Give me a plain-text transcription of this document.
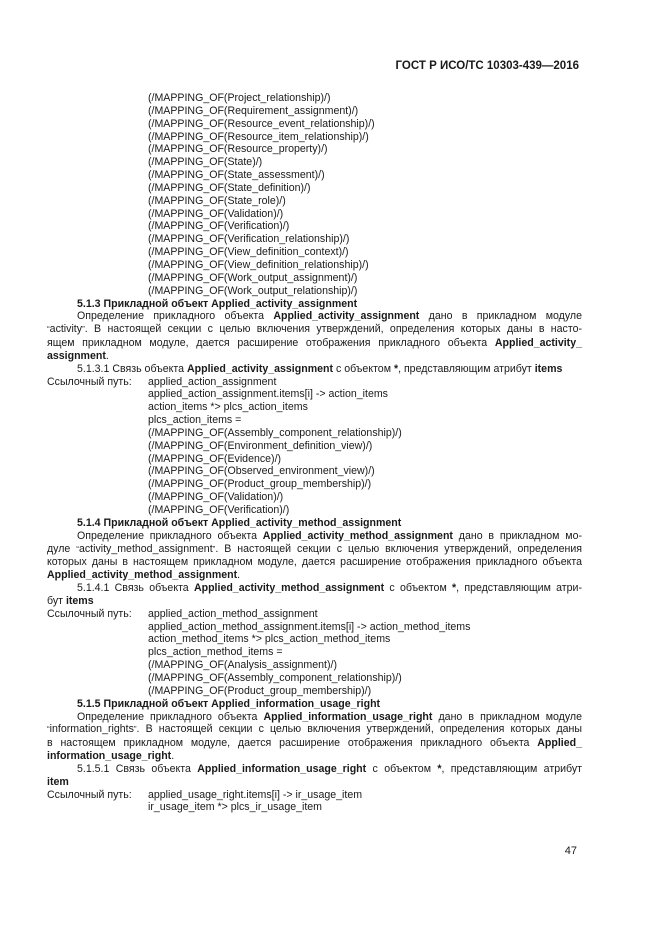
ГОСТ Р ИСО/ТС 10303-439—2016
(/MAPPING_OF(Project_relationship)/)
(/MAPPING_OF(Requirement_assignment)/)
(/MAPPING_OF(Resource_event_relationship)/)
(/MAPPING_OF(Resource_item_relationship)/)
(/MAPPING_OF(Resource_property)/)
(/MAPPING_OF(State)/)
(/MAPPING_OF(State_assessment)/)
(/MAPPING_OF(State_definition)/)
(/MAPPING_OF(State_role)/)
(/MAPPING_OF(Validation)/)
(/MAPPING_OF(Verification)/)
(/MAPPING_OF(Verification_relationship)/)
(/MAPPING_OF(View_definition_context)/)
(/MAPPING_OF(View_definition_relationship)/)
(/MAPPING_OF(Work_output_assignment)/)
(/MAPPING_OF(Work_output_relationship)/)
5.1.3 Прикладной объект Applied_activity_assignment
Определение прикладного объекта Applied_activity_assignment дано в прикладном модуле
“activity”. В настоящей секции с целью включения утверждений, определения которых даны в насто-
ящем прикладном модуле, дается расширение отображения прикладного объекта Applied_activity_
assignment.
5.1.3.1 Связь объекта Applied_activity_assignment с объектом *, представляющим атрибут items
Ссылочный путь:	applied_action_assignment
applied_action_assignment.items[i] -> action_items
action_items *> plcs_action_items
plcs_action_items =
(/MAPPING_OF(Assembly_component_relationship)/)
(/MAPPING_OF(Environment_definition_view)/)
(/MAPPING_OF(Evidence)/)
(/MAPPING_OF(Observed_environment_view)/)
(/MAPPING_OF(Product_group_membership)/)
(/MAPPING_OF(Validation)/)
(/MAPPING_OF(Verification)/)
5.1.4 Прикладной объект Applied_activity_method_assignment
Определение прикладного объекта Applied_activity_method_assignment дано в прикладном мо-
дуле “activity_method_assignment”. В настоящей секции с целью включения утверждений, определения
которых даны в настоящем прикладном модуле, дается расширение отображения прикладного объекта
Applied_activity_method_assignment.
5.1.4.1 Связь объекта Applied_activity_method_assignment с объектом *, представляющим атри-
бут items
Ссылочный путь:	applied_action_method_assignment
applied_action_method_assignment.items[i] -> action_method_items
action_method_items *> plcs_action_method_items
plcs_action_method_items =
(/MAPPING_OF(Analysis_assignment)/)
(/MAPPING_OF(Assembly_component_relationship)/)
(/MAPPING_OF(Product_group_membership)/)
5.1.5 Прикладной объект Applied_information_usage_right
Определение прикладного объекта Applied_information_usage_right дано в прикладном модуле
“information_rights”. В настоящей секции с целью включения утверждений, определения которых даны
в настоящем прикладном модуле, дается расширение отображения прикладного объекта Applied_
information_usage_right.
5.1.5.1 Связь объекта Applied_information_usage_right с объектом *, представляющим атрибут
item
Ссылочный путь:	applied_usage_right.items[i] -> ir_usage_item
ir_usage_item *> plcs_ir_usage_item
47
